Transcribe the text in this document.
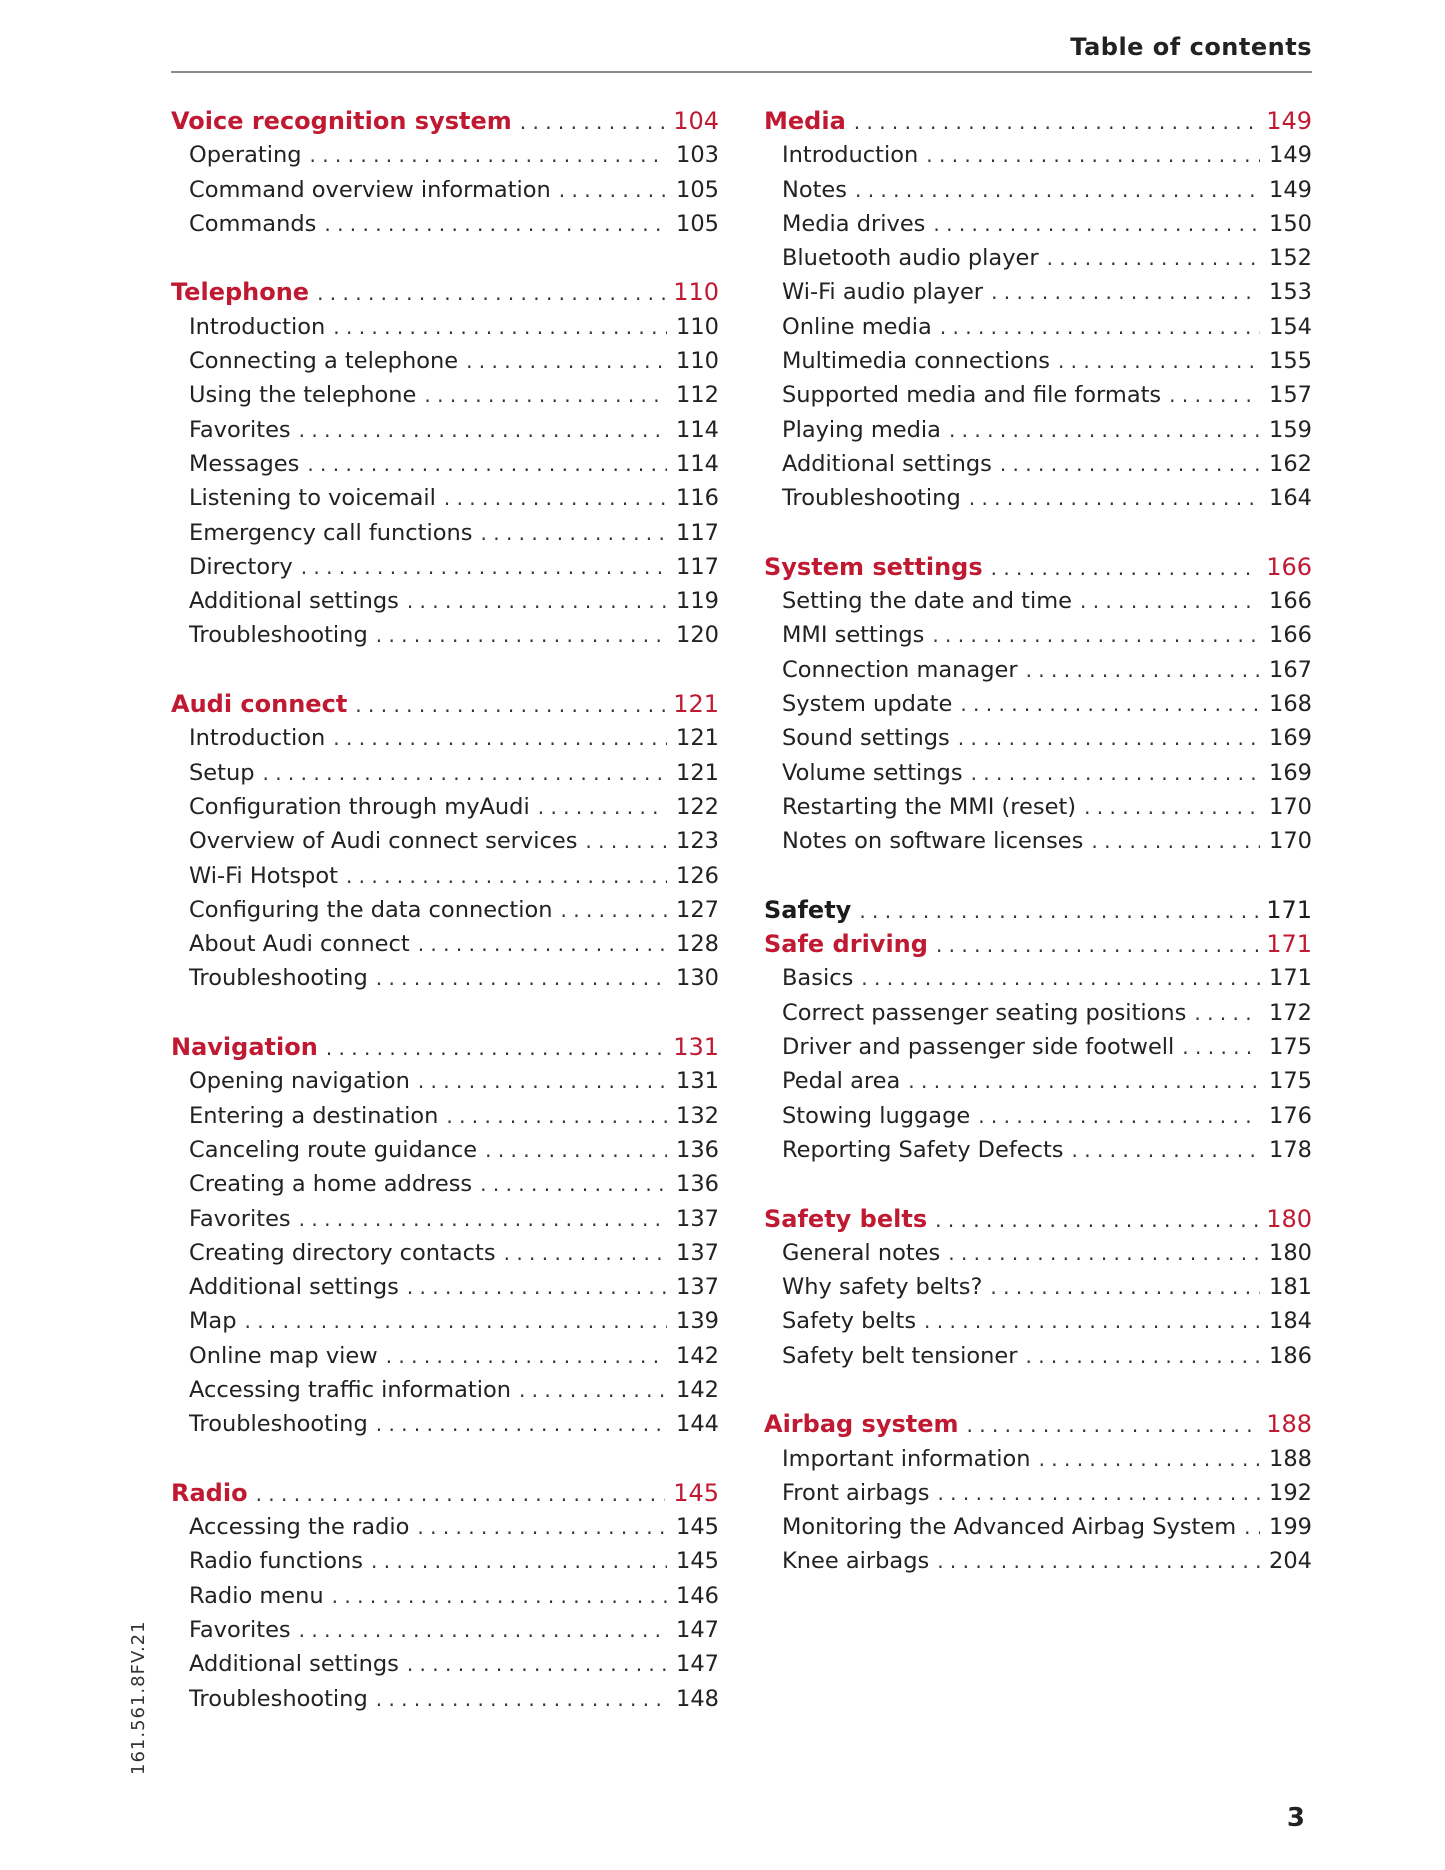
Table of contents
Voice recognition system . . .	104
Operating . . .	103
Command overview information . . .	105
Commands . . .	105
Telephone . . .	110
Introduction . . .	110
Connecting a telephone . . .	110
Using the telephone . . .	112
Favorites . . .	114
Messages . . .	114
Listening to voicemail . . .	116
Emergency call functions . . .	117
Directory . . .	117
Additional settings . . .	119
Troubleshooting . . .	120
Audi connect . . .	121
Introduction . . .	121
Setup . . .	121
Configuration through myAudi . . .	122
Overview of Audi connect services . . .	123
Wi-Fi Hotspot . . .	126
Configuring the data connection . . .	127
About Audi connect . . .	128
Troubleshooting . . .	130
Navigation . . .	131
Opening navigation . . .	131
Entering a destination . . .	132
Canceling route guidance . . .	136
Creating a home address . . .	136
Favorites . . .	137
Creating directory contacts . . .	137
Additional settings . . .	137
Map . . .	139
Online map view . . .	142
Accessing traffic information . . .	142
Troubleshooting . . .	144
Radio . . .	145
Accessing the radio . . .	145
Radio functions . . .	145
Radio menu . . .	146
Favorites . . .	147
Additional settings . . .	147
Troubleshooting . . .	148
Media . . .	149
Introduction . . .	149
Notes . . .	149
Media drives . . .	150
Bluetooth audio player . . .	152
Wi-Fi audio player . . .	153
Online media . . .	154
Multimedia connections . . .	155
Supported media and file formats . . .	157
Playing media . . .	159
Additional settings . . .	162
Troubleshooting . . .	164
System settings . . .	166
Setting the date and time . . .	166
MMI settings . . .	166
Connection manager . . .	167
System update . . .	168
Sound settings . . .	169
Volume settings . . .	169
Restarting the MMI (reset) . . .	170
Notes on software licenses . . .	170
Safety . . .	171
Safe driving . . .	171
Basics . . .	171
Correct passenger seating positions . . .	172
Driver and passenger side footwell . . .	175
Pedal area . . .	175
Stowing luggage . . .	176
Reporting Safety Defects . . .	178
Safety belts . . .	180
General notes . . .	180
Why safety belts? . . .	181
Safety belts . . .	184
Safety belt tensioner . . .	186
Airbag system . . .	188
Important information . . .	188
Front airbags . . .	192
Monitoring the Advanced Airbag System . . .	199
Knee airbags . . .	204
161.561.8FV.21
3
